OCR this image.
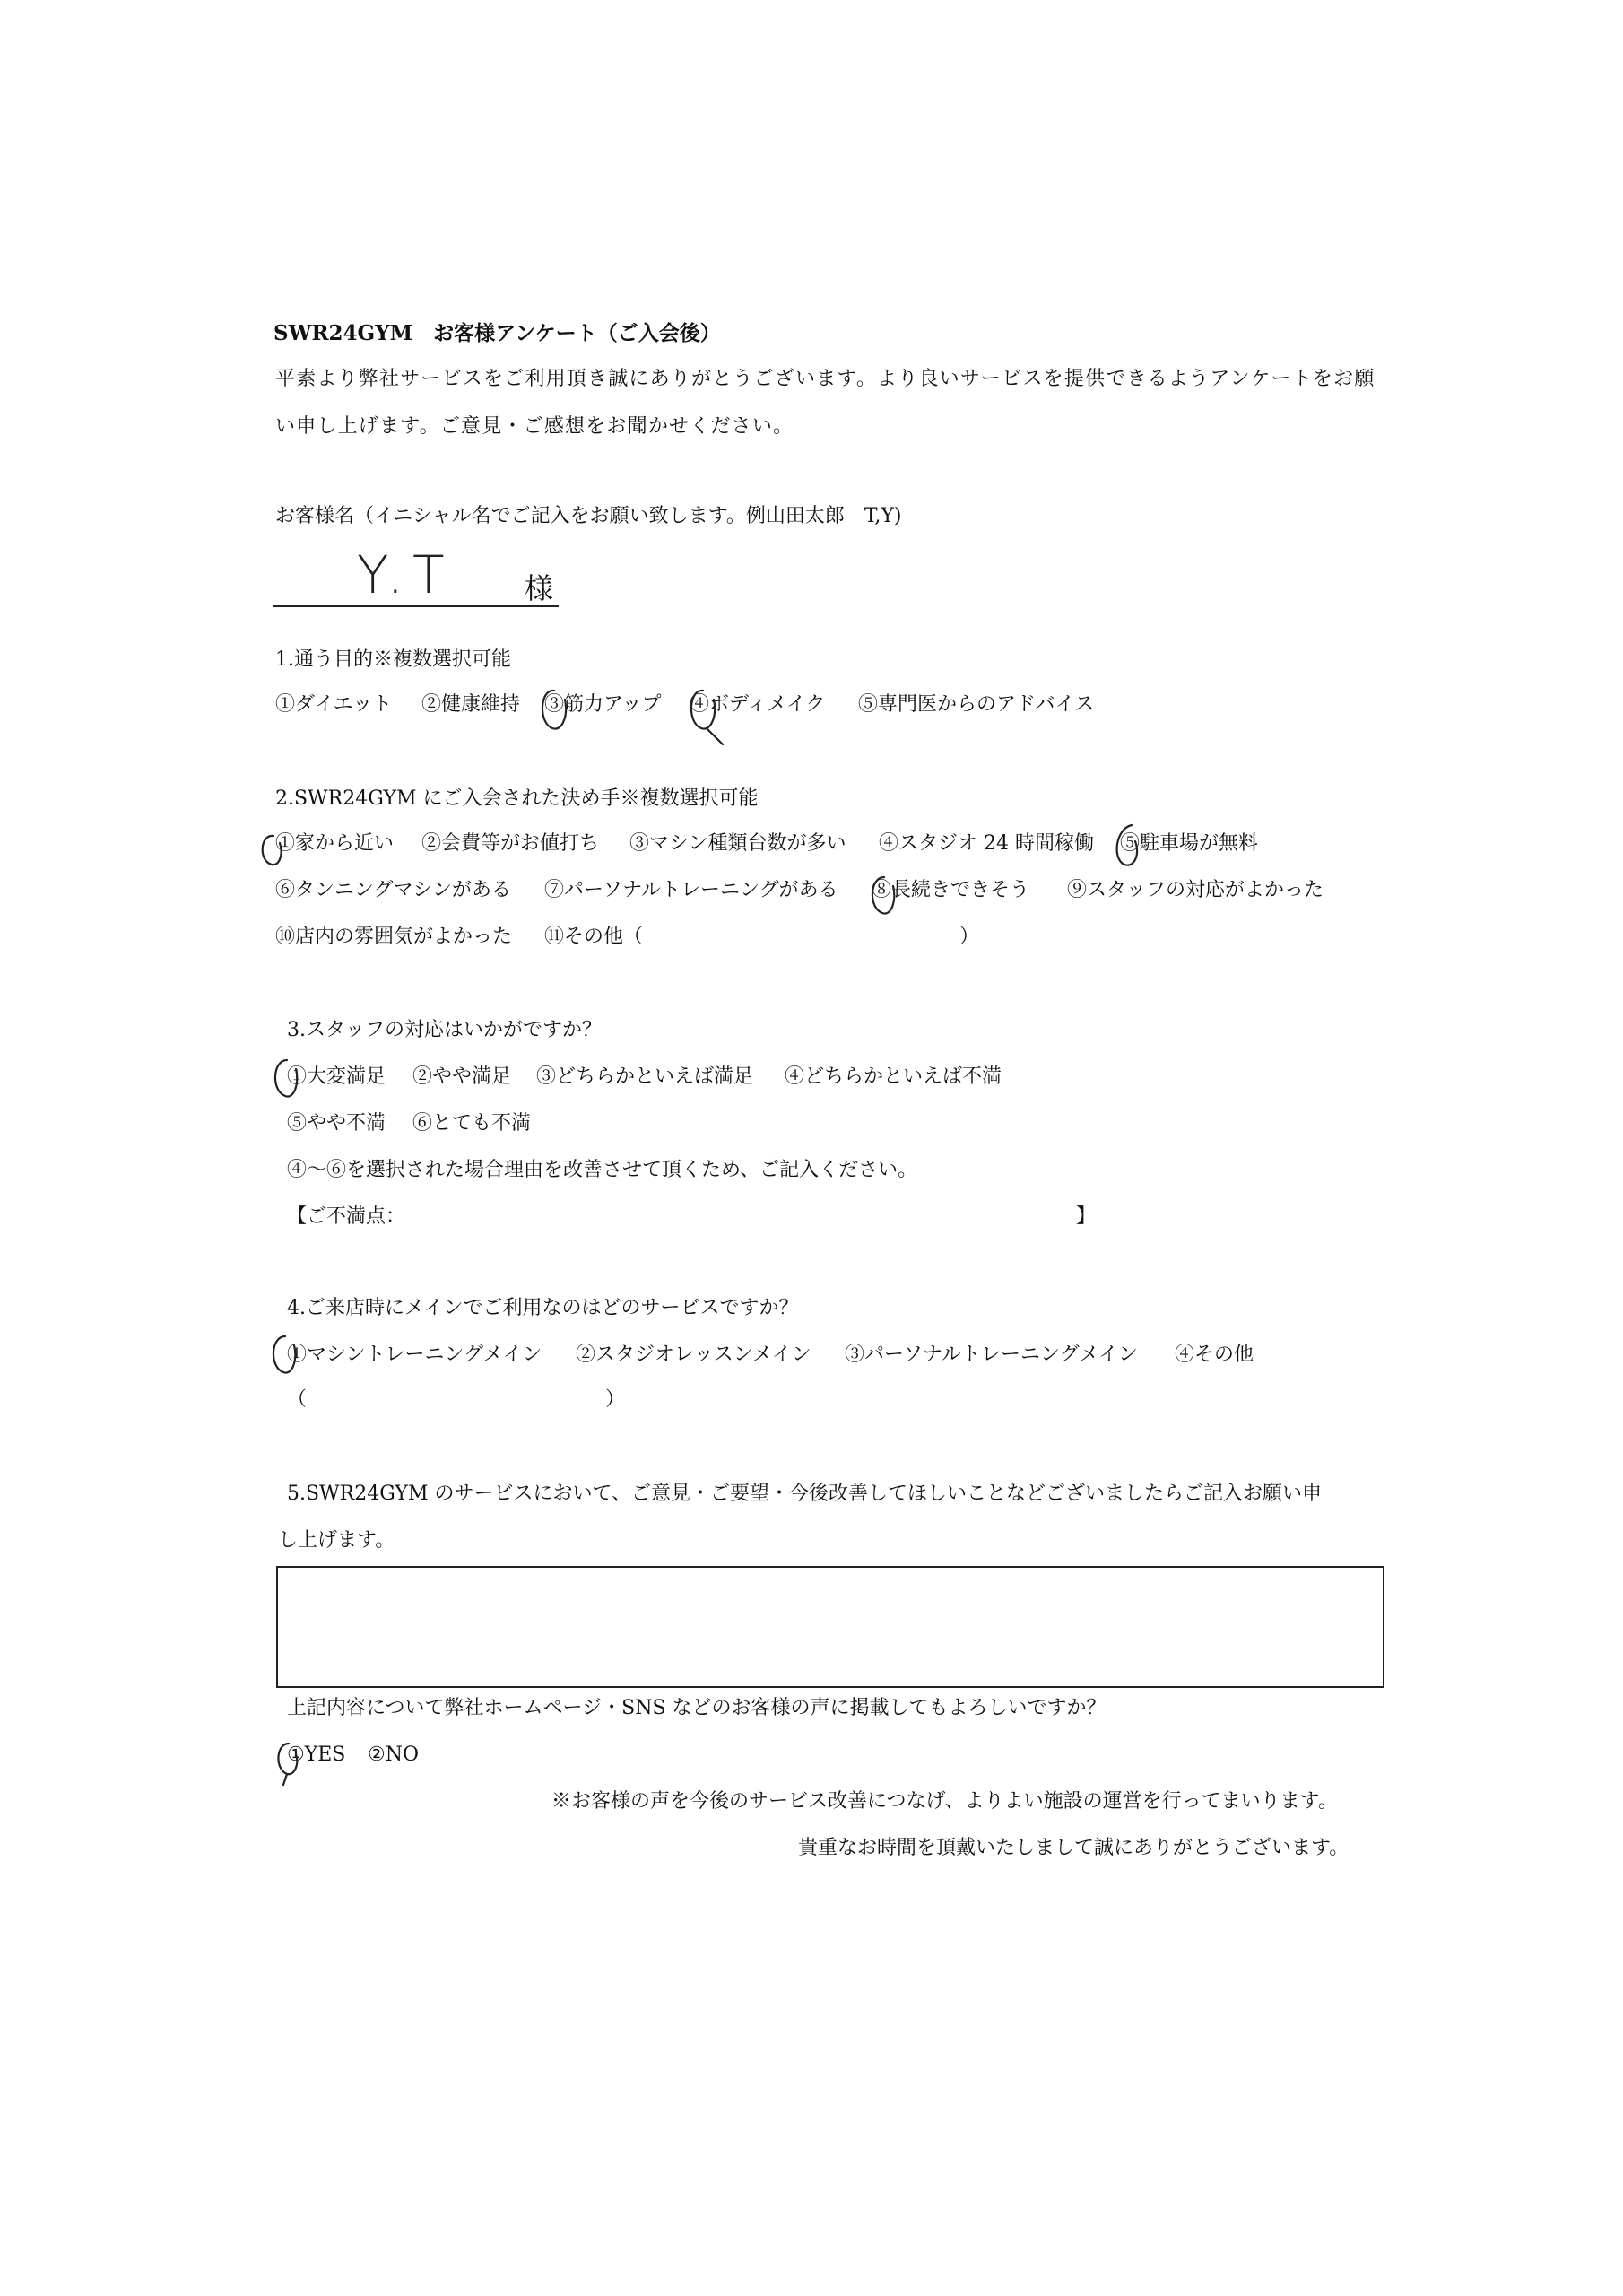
SWR24GYM　お客様アンケート（ご入会後）
平素より弊社サービスをご利用頂き誠にありがとうございます。より良いサービスを提供できるようアンケートをお願
い申し上げます。ご意見・ご感想をお聞かせください。
お客様名（イニシャル名でご記入をお願い致します。例山田太郎　T,Y)
様
Y.T
1.通う目的※複数選択可能
①ダイエット ②健康維持 ③筋力アップ ④ボディメイク ⑤専門医からのアドバイス
2.SWR24GYM にご入会された決め手※複数選択可能
①家から近い ②会費等がお値打ち ③マシン種類台数が多い ④スタジオ 24 時間稼働 ⑤駐車場が無料
⑥タンニングマシンがある ⑦パーソナルトレーニングがある ⑧長続きできそう ⑨スタッフの対応がよかった
⑩店内の雰囲気がよかった ⑪その他（	）
3.スタッフの対応はいかがですか？
①大変満足 ②やや満足 ③どちらかといえば満足 ④どちらかといえば不満
⑤やや不満 ⑥とても不満
④～⑥を選択された場合理由を改善させて頂くため、ご記入ください。
【ご不満点：	】
4.ご来店時にメインでご利用なのはどのサービスですか？
①マシントレーニングメイン ②スタジオレッスンメイン ③パーソナルトレーニングメイン ④その他
（	）
5.SWR24GYM のサービスにおいて、ご意見・ご要望・今後改善してほしいことなどございましたらご記入お願い申
し上げます。
上記内容について弊社ホームページ・SNS などのお客様の声に掲載してもよろしいですか？
①YES ②NO
※お客様の声を今後のサービス改善につなげ、よりよい施設の運営を行ってまいります。
貴重なお時間を頂戴いたしまして誠にありがとうございます。
